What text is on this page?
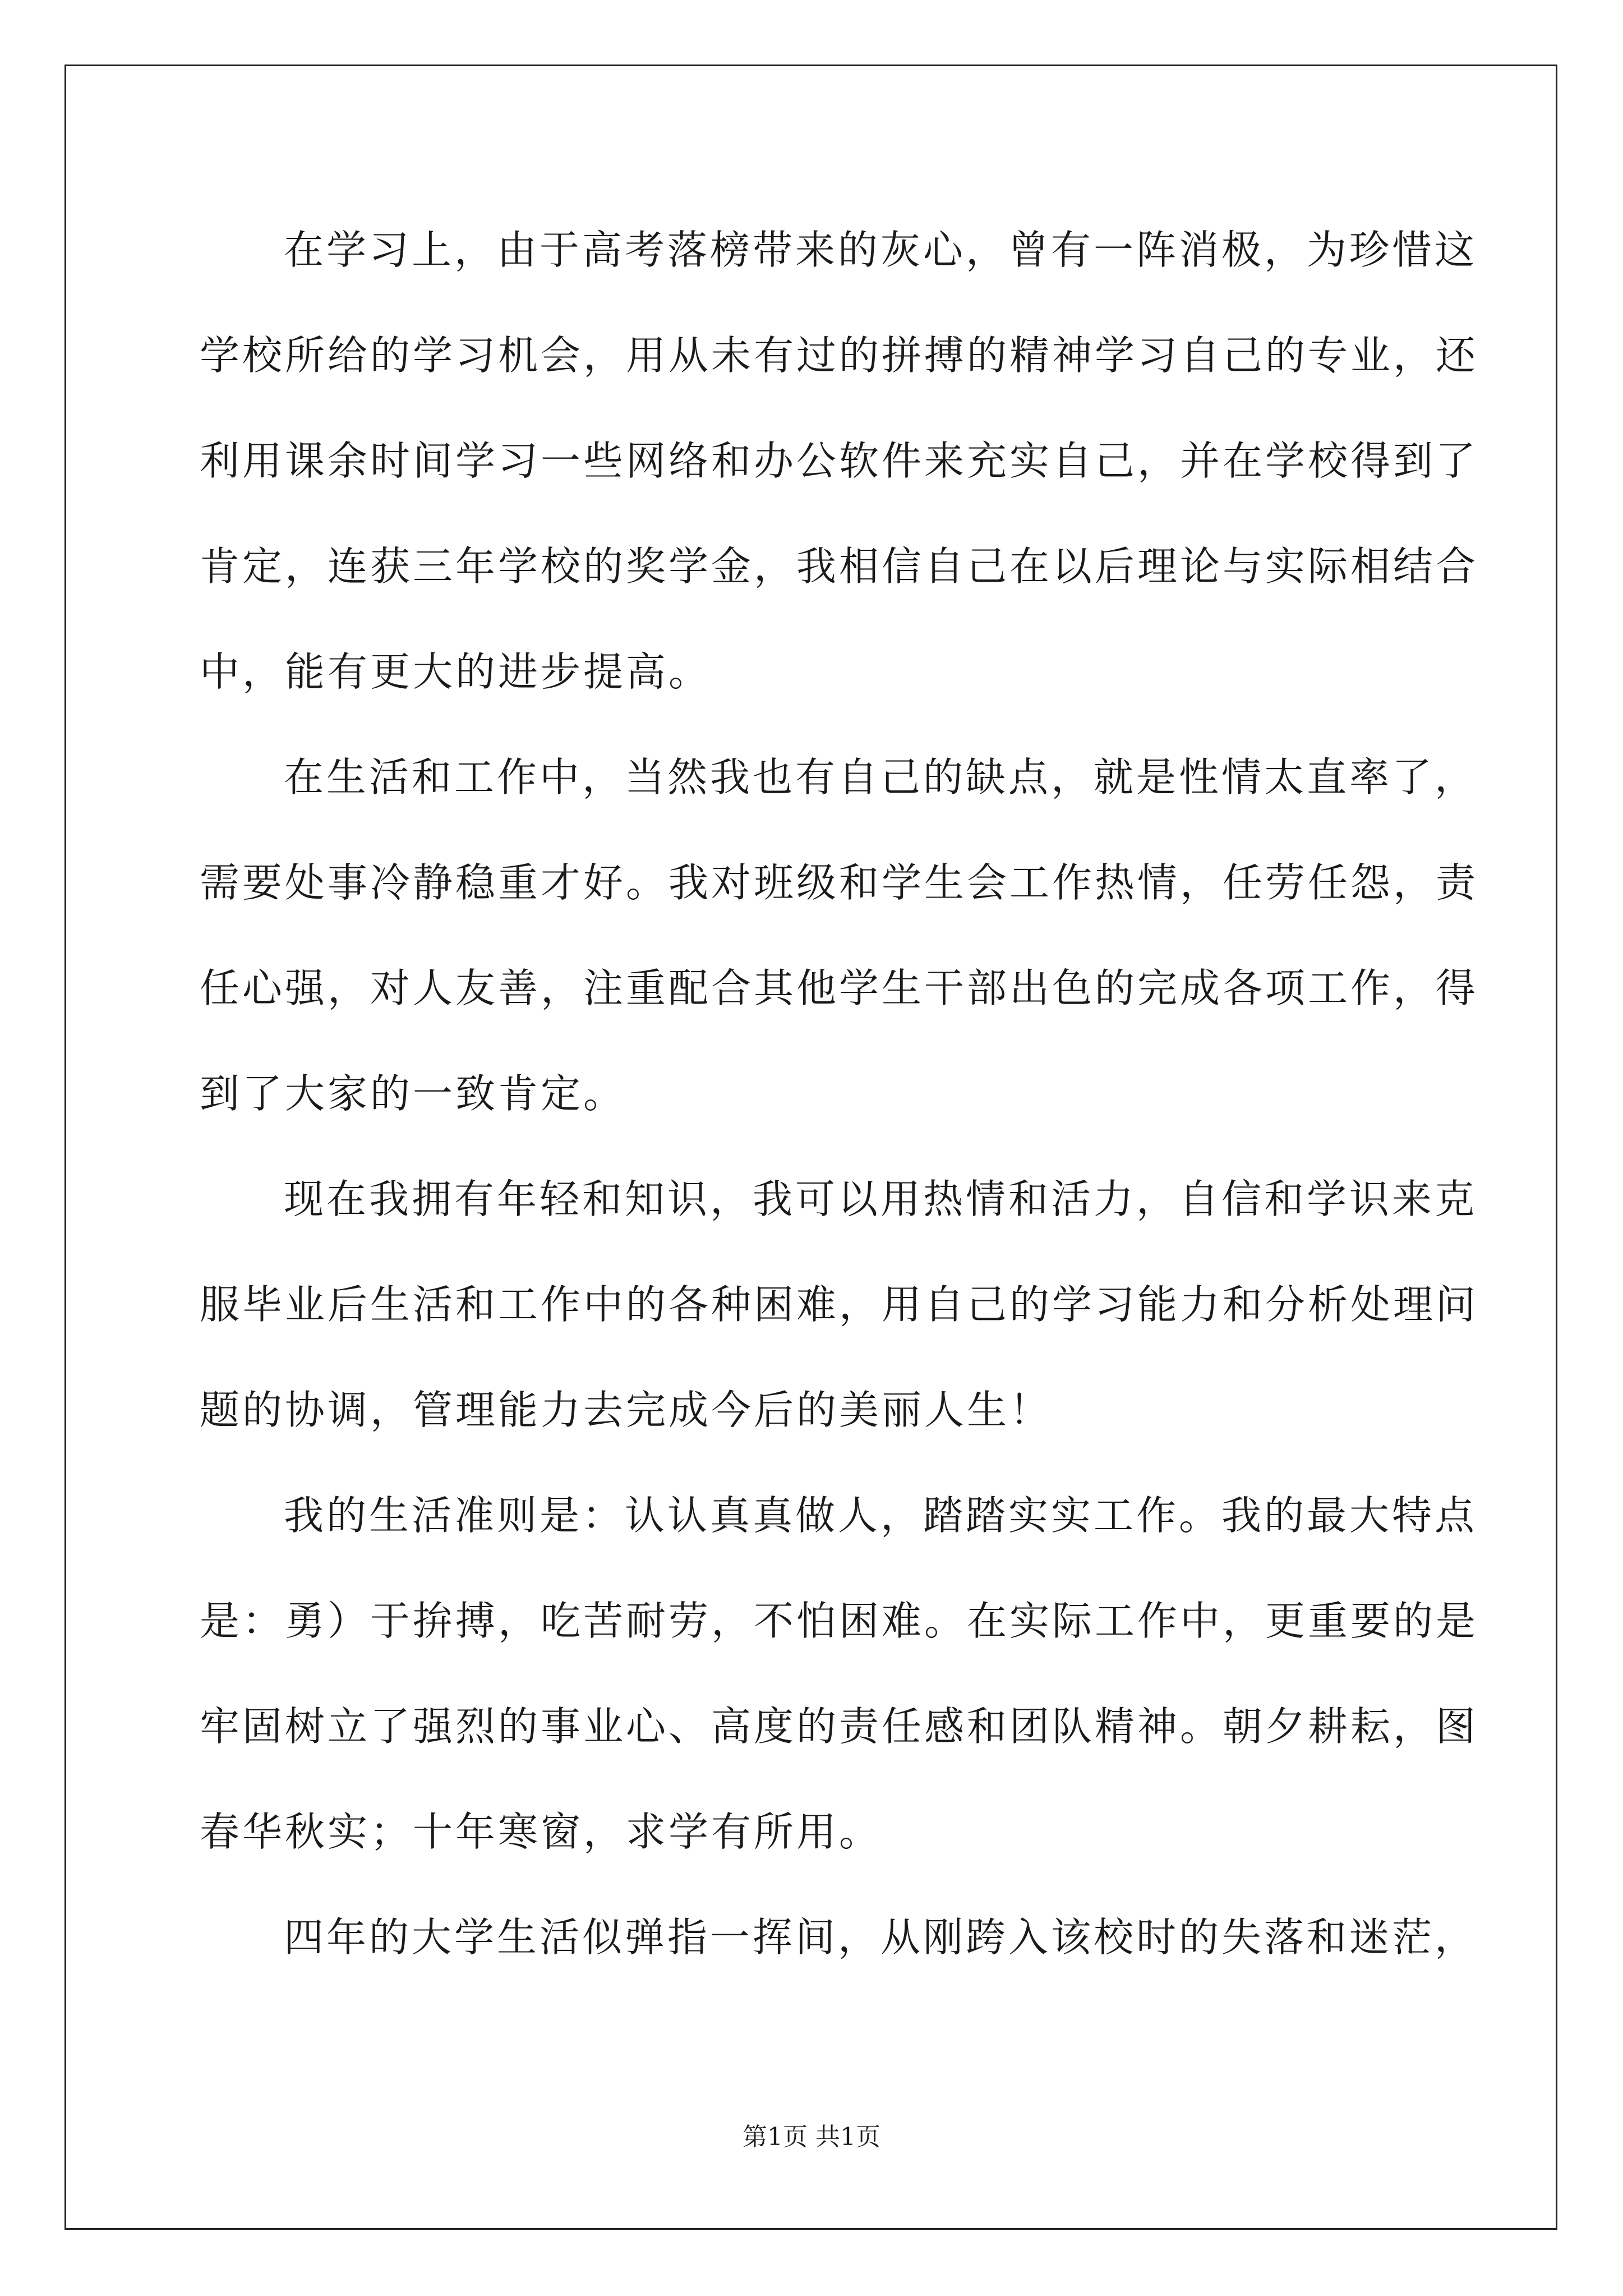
在学习上，由于高考落榜带来的灰心，曾有一阵消极，为珍惜这
学校所给的学习机会，用从未有过的拼搏的精神学习自己的专业，还
利用课余时间学习一些网络和办公软件来充实自己，并在学校得到了
肯定，连获三年学校的奖学金，我相信自己在以后理论与实际相结合
中，能有更大的进步提高。
在生活和工作中，当然我也有自己的缺点，就是性情太直率了，
需要处事冷静稳重才好。我对班级和学生会工作热情，任劳任怨，责
任心强，对人友善，注重配合其他学生干部出色的完成各项工作，得
到了大家的一致肯定。
现在我拥有年轻和知识，我可以用热情和活力，自信和学识来克
服毕业后生活和工作中的各种困难，用自己的学习能力和分析处理问
题的协调，管理能力去完成今后的美丽人生！
我的生活准则是：认认真真做人，踏踏实实工作。我的最大特点
是：勇）于拚搏，吃苦耐劳，不怕困难。在实际工作中，更重要的是
牢固树立了强烈的事业心、高度的责任感和团队精神。朝夕耕耘，图
春华秋实；十年寒窗，求学有所用。
四年的大学生活似弹指一挥间，从刚跨入该校时的失落和迷茫，
第1页 共1页
